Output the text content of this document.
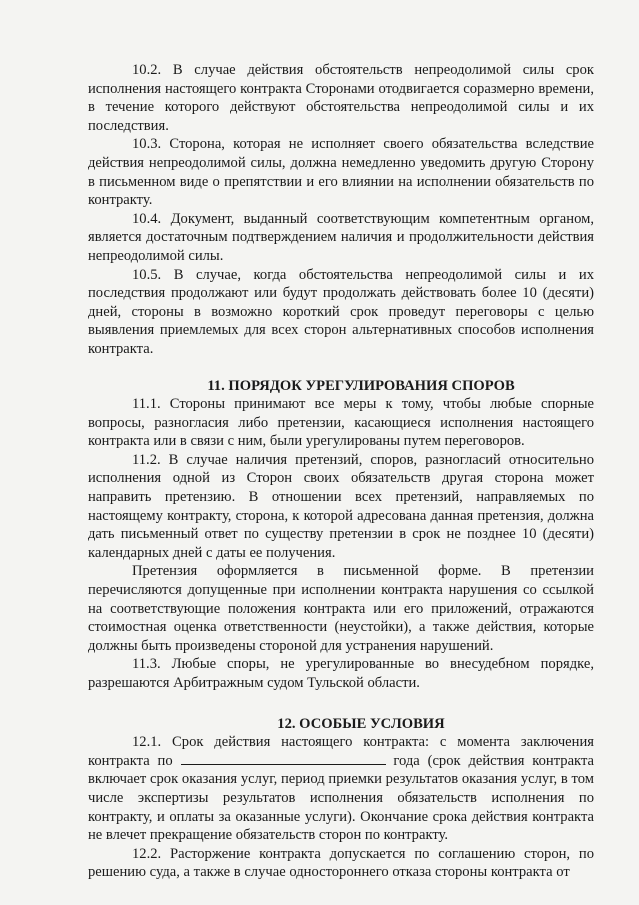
10.2. В случае действия обстоятельств непреодолимой силы срок исполнения настоящего контракта Сторонами отодвигается соразмерно времени, в течение которого действуют обстоятельства непреодолимой силы и их последствия.

10.3. Сторона, которая не исполняет своего обязательства вследствие действия непреодолимой силы, должна немедленно уведомить другую Сторону в письменном виде о препятствии и его влиянии на исполнении обязательств по контракту.

10.4. Документ, выданный соответствующим компетентным органом, является достаточным подтверждением наличия и продолжительности действия непреодолимой силы.

10.5. В случае, когда обстоятельства непреодолимой силы и их последствия продолжают или будут продолжать действовать более 10 (десяти) дней, стороны в возможно короткий срок проведут переговоры с целью выявления приемлемых для всех сторон альтернативных способов исполнения контракта.

11. ПОРЯДОК УРЕГУЛИРОВАНИЯ СПОРОВ

11.1. Стороны принимают все меры к тому, чтобы любые спорные вопросы, разногласия либо претензии, касающиеся исполнения настоящего контракта или в связи с ним, были урегулированы путем переговоров.

11.2. В случае наличия претензий, споров, разногласий относительно исполнения одной из Сторон своих обязательств другая сторона может направить претензию. В отношении всех претензий, направляемых по настоящему контракту, сторона, к которой адресована данная претензия, должна дать письменный ответ по существу претензии в срок не позднее 10 (десяти) календарных дней с даты ее получения.

Претензия оформляется в письменной форме. В претензии перечисляются допущенные при исполнении контракта нарушения со ссылкой на соответствующие положения контракта или его приложений, отражаются стоимостная оценка ответственности (неустойки), а также действия, которые должны быть произведены стороной для устранения нарушений.

11.3. Любые споры, не урегулированные во внесудебном порядке, разрешаются Арбитражным судом Тульской области.

12. ОСОБЫЕ УСЛОВИЯ

12.1. Срок действия настоящего контракта: с момента заключения контракта по	года (срок действия контракта включает срок оказания услуг, период приемки результатов оказания услуг, в том числе экспертизы результатов исполнения обязательств исполнения по контракту, и оплаты за оказанные услуги). Окончание срока действия контракта не влечет прекращение обязательств сторон по контракту.

12.2. Расторжение контракта допускается по соглашению сторон, по решению суда, а также в случае одностороннего отказа стороны контракта от
